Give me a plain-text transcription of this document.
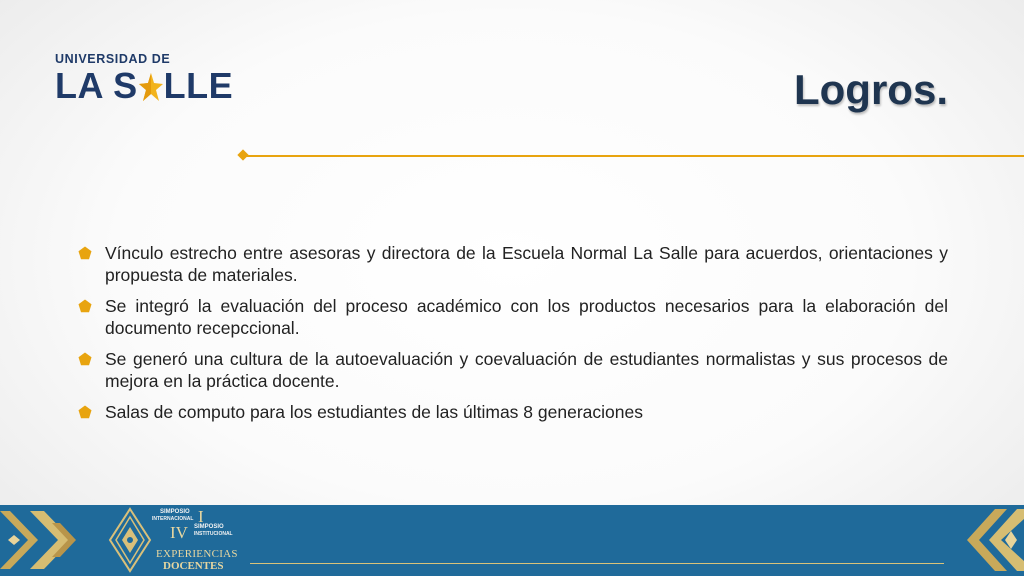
UNIVERSIDAD DE
LA S LLE	Logros.
Vínculo estrecho entre asesoras y directora de la Escuela Normal La Salle para acuerdos, orientaciones y propuesta de materiales.
Se integró la evaluación del proceso académico con los productos necesarios para la elaboración del documento recepccional.
Se generó una cultura de la autoevaluación y coevaluación de estudiantes normalistas y sus procesos de mejora en la práctica docente.
Salas de computo para los estudiantes de las últimas 8 generaciones
SIMPOSIO
INTERNACIONAL I
IV SIMPOSIO
INSTITUCIONAL
EXPERIENCIAS
DOCENTES
